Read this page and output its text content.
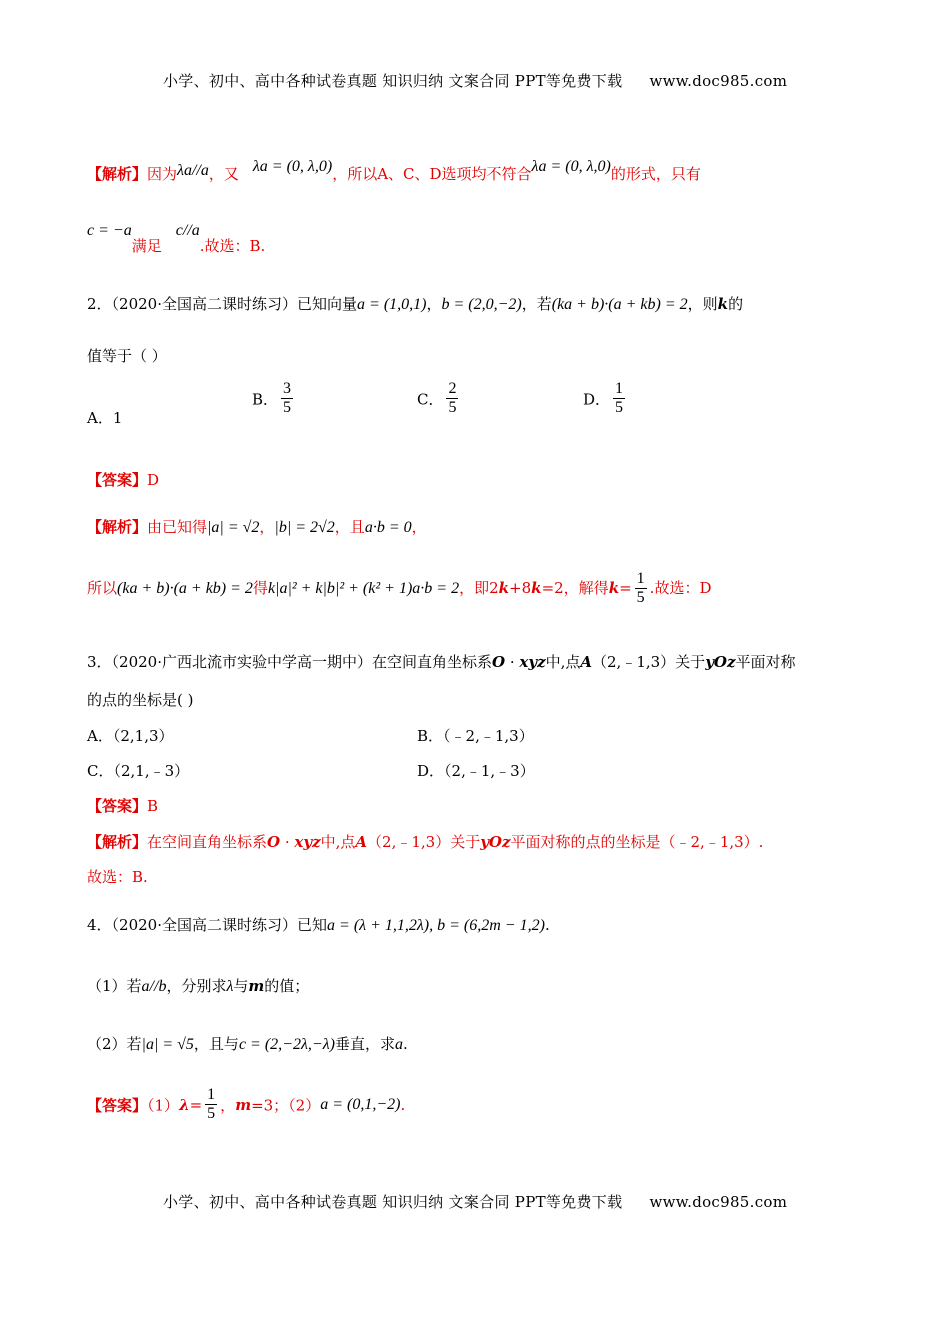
小学、初中、高中各种试卷真题 知识归纳 文案合同 PPT等免费下载 www.doc985.com
【解析】因为λa//a，又 λa = (0, λ,0)，所以A、C、D选项均不符合λa = (0, λ,0)的形式，只有
c = −a满足c//a.故选：B.
2．（2020·全国高二课时练习）已知向量a = (1,0,1)，b = (2,0,−2)，若(ka + b)·(a + kb) = 2，则k的
值等于（ ）
A．1
B． $\frac{3}{5}$	C． $\frac{2}{5}$	D． $\frac{1}{5}$
【答案】D
【解析】由已知得|a| = √2，|b| = 2√2，且a·b = 0，
所以(ka + b)·(a + kb) = 2得k|a|² + k|b|² + (k² + 1)a·b = 2，即2k+8k=2，解得$k= \frac{1}{5}$ .故选：D
3．（2020·广西北流市实验中学高一期中）在空间直角坐标系O · xyz中,点A（2,﹣1,3）关于yOz平面对称
的点的坐标是( )
A．（2,1,3）	B．（﹣2,﹣1,3）
C．（2,1,﹣3）	D．（2,﹣1,﹣3）
【答案】B
【解析】在空间直角坐标系O · xyz中,点A（2,﹣1,3）关于yOz平面对称的点的坐标是（﹣2,﹣1,3）.
故选：B.
4．（2020·全国高二课时练习）已知a = (λ + 1,1,2λ), b = (6,2m − 1,2).
（1）若a//b，分别求λ与m的值；
（2）若|a| = √5，且与c = (2,−2λ,−λ)垂直，求a.
【答案】$(1)\lambda= \frac{1}{5}$ ，m=3；（2）a = (0,1,−2).
小学、初中、高中各种试卷真题 知识归纳 文案合同 PPT等免费下载 www.doc985.com
